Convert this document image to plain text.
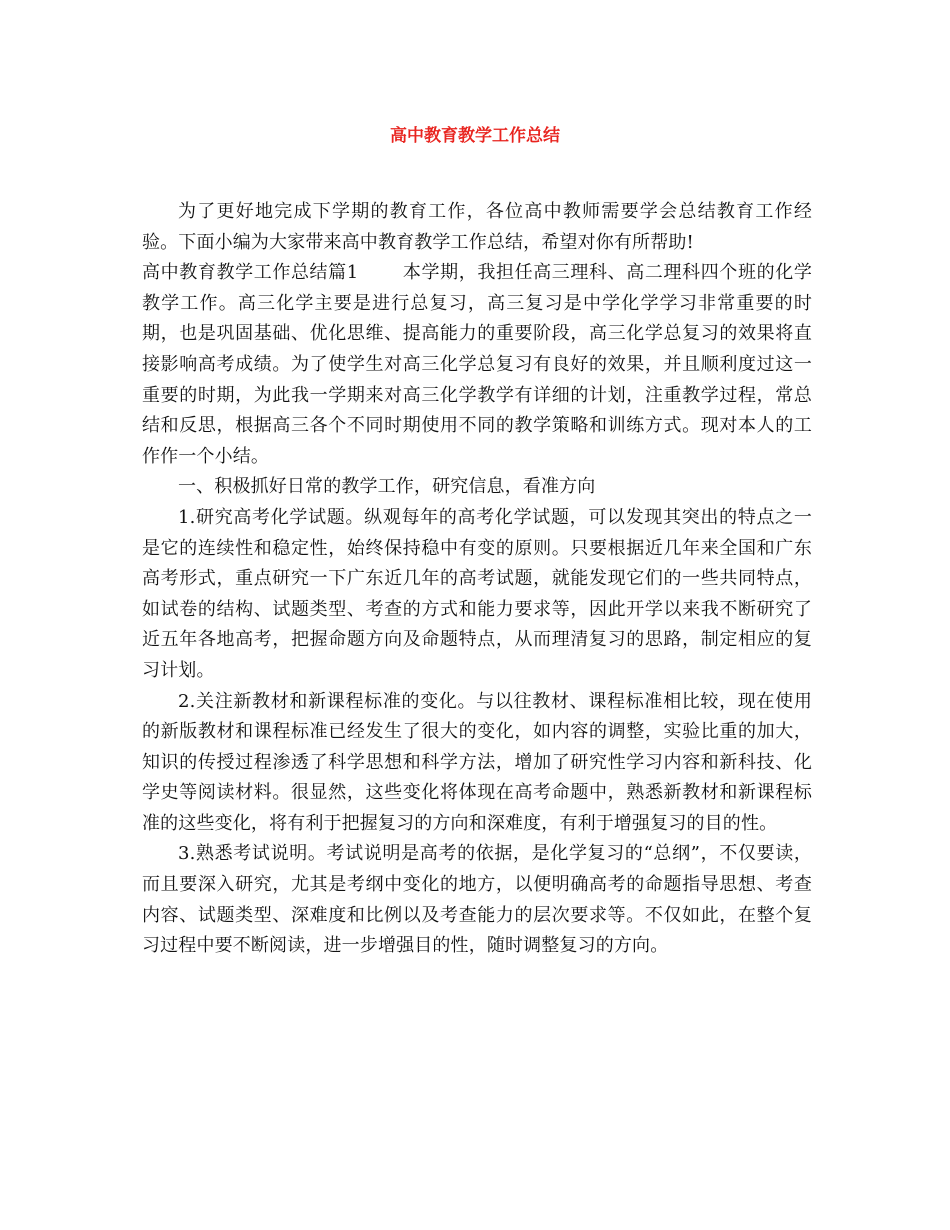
高中教育教学工作总结

为了更好地完成下学期的教育工作，各位高中教师需要学会总结教育工作经验。下面小编为大家带来高中教育教学工作总结，希望对你有所帮助!

高中教育教学工作总结篇1 本学期，我担任高三理科、高二理科四个班的化学教学工作。高三化学主要是进行总复习，高三复习是中学化学学习非常重要的时期，也是巩固基础、优化思维、提高能力的重要阶段，高三化学总复习的效果将直接影响高考成绩。为了使学生对高三化学总复习有良好的效果，并且顺利度过这一重要的时期，为此我一学期来对高三化学教学有详细的计划，注重教学过程，常总结和反思，根据高三各个不同时期使用不同的教学策略和训练方式。现对本人的工作作一个小结。

一、积极抓好日常的教学工作，研究信息，看准方向

1.研究高考化学试题。纵观每年的高考化学试题，可以发现其突出的特点之一是它的连续性和稳定性，始终保持稳中有变的原则。只要根据近几年来全国和广东高考形式，重点研究一下广东近几年的高考试题，就能发现它们的一些共同特点，如试卷的结构、试题类型、考查的方式和能力要求等，因此开学以来我不断研究了近五年各地高考，把握命题方向及命题特点，从而理清复习的思路，制定相应的复习计划。

2.关注新教材和新课程标准的变化。与以往教材、课程标准相比较，现在使用的新版教材和课程标准已经发生了很大的变化，如内容的调整，实验比重的加大，知识的传授过程渗透了科学思想和科学方法，增加了研究性学习内容和新科技、化学史等阅读材料。很显然，这些变化将体现在高考命题中，熟悉新教材和新课程标准的这些变化，将有利于把握复习的方向和深难度，有利于增强复习的目的性。

3.熟悉考试说明。考试说明是高考的依据，是化学复习的“总纲”，不仅要读，而且要深入研究，尤其是考纲中变化的地方，以便明确高考的命题指导思想、考查内容、试题类型、深难度和比例以及考查能力的层次要求等。不仅如此，在整个复习过程中要不断阅读，进一步增强目的性，随时调整复习的方向。
